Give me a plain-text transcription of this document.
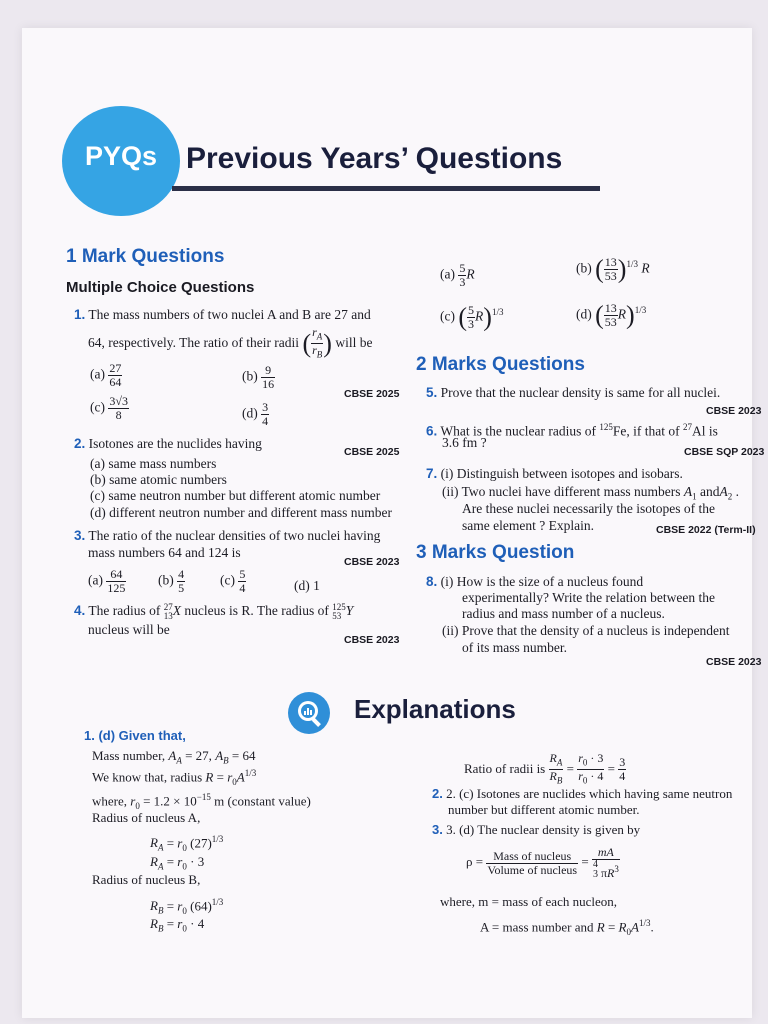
PYQs Previous Years’ Questions
1 Mark Questions
Multiple Choice Questions
1. The mass numbers of two nuclei A and B are 27 and
64, respectively. The ratio of their radii ( $\frac{r_A}{r_B}$ ) will be
$(a) \frac{27}{64}$	$(b) \frac{9}{16}$
$(c) \frac{3√3}{8}$	$(d) \frac{3}{4}$
CBSE 2025
2. Isotones are the nuclides having
CBSE 2025
(a) same mass numbers
(b) same atomic numbers
(c) same neutron number but different atomic number
(d) different neutron number and different mass number
3. The ratio of the nuclear densities of two nuclei having
mass numbers 64 and 124 is
CBSE 2023
$(a) \frac{64}{125} (b) \frac{4}{5}$	$(c) \frac{5}{4}$	(d) 1
4. The radius of 27
13X nucleus is R. The radius of 125
53 Y
nucleus will be
CBSE 2023
$(a) \frac{5}{3}$ R	(b) ( $\frac{13}{53} )^{1/3}$ R
(c) ( $\frac{5}{3} R)^{1/3}$	(d) ( $\frac{13}{53} R)^{1/3}$
2 Marks Questions
5. Prove that the nuclear density is same for all nuclei.
CBSE 2023
6. What is the nuclear radius of $^{125}$Fe, if that of $^{27}$Al is
3.6 fm ?
CBSE SQP 2023
7. (i) Distinguish between isotopes and isobars.
(ii) Two nuclei have different mass numbers $A_1$ andA$_2$ .
Are these nuclei necessarily the isotopes of the
same element ? Explain.	CBSE 2022 (Term-II)
3 Marks Question
8. (i) How is the size of a nucleus found
experimentally? Write the relation between the
radius and mass number of a nucleus.
(ii) Prove that the density of a nucleus is independent
of its mass number.
CBSE 2023
Explanations
1. (d) Given that,
Mass number, $A_A = 27$, $A_B = 64$
We know that, radius $R = r_0A^{1/3}$
where, $r_0 = 1.2 \times 10^{-15}$ m (constant value)
Radius of nucleus A,
$R_A = r_0$ $(27)^{1/3}$
$R_A = r_0 \cdot 3$
Radius of nucleus B,
$R_B = r_0$ $(64)^{1/3}$
$R_B = r_0 \cdot 4$
Ratio of radii is $\frac{R_A}{R_B} = \frac{r_0 \cdot 3}{r_0 \cdot 4} = \frac{3}{4}$
2. 2. (c) Isotones are nuclides which having same neutron
number but different atomic number.
3. 3. (d) The nuclear density is given by
$\rho = \frac{\text{Mass of nucleus}}{\text{Volume of nucleus}}$ =
mA
4
3 $\pi R^3$
where, m = mass of each nucleon,
A = mass number and $R = R_0A^{1/3}$.
